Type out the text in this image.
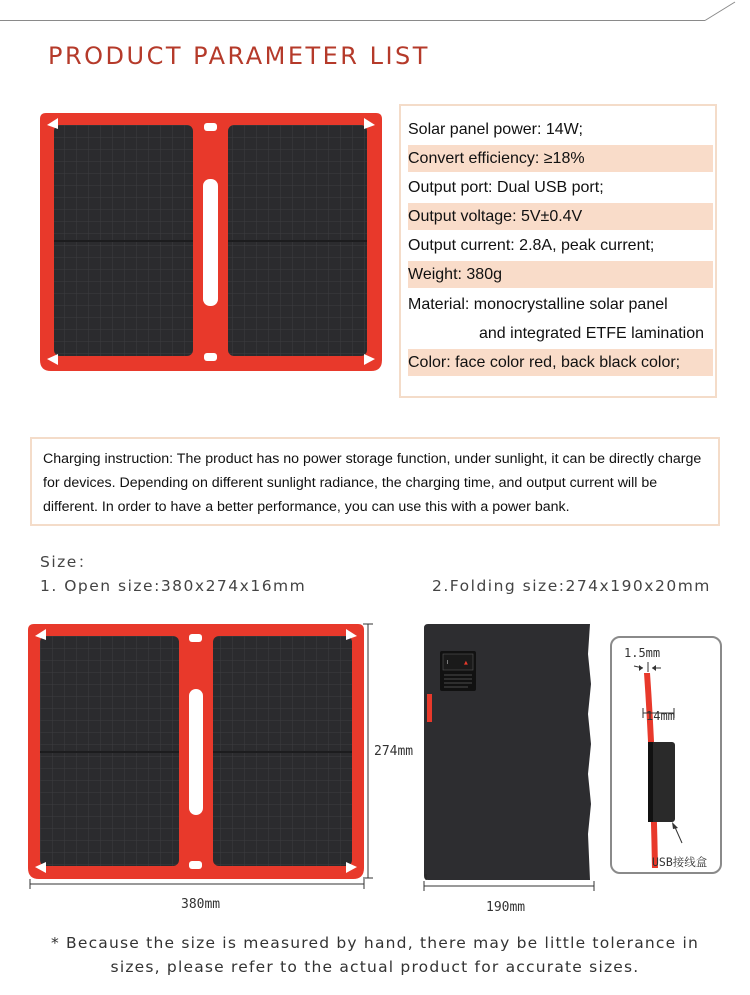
PRODUCT PARAMETER LIST
Solar panel power: 14W;
Convert efficiency: ≥18%
Output port: Dual USB port;
Output voltage: 5V±0.4V
Output current: 2.8A, peak current;
Weight: 380g
Material: monocrystalline solar panel
and integrated ETFE lamination
Color: face color red, back black color;
Charging instruction: The product has no power storage function, under sunlight, it can be directly charge for devices. Depending on different sunlight radiance, the charging time, and output current will be different. In order to have a better performance, you can use this with a power bank.
Size：
1. Open size:380x274x16mm	2.Folding size:274x190x20mm
274mm
380mm
I	▲
190mm
1.5mm
14mm
USB接线盒
* Because the size is measured by hand, there may be little tolerance in
sizes, please refer to the actual product for accurate sizes.
